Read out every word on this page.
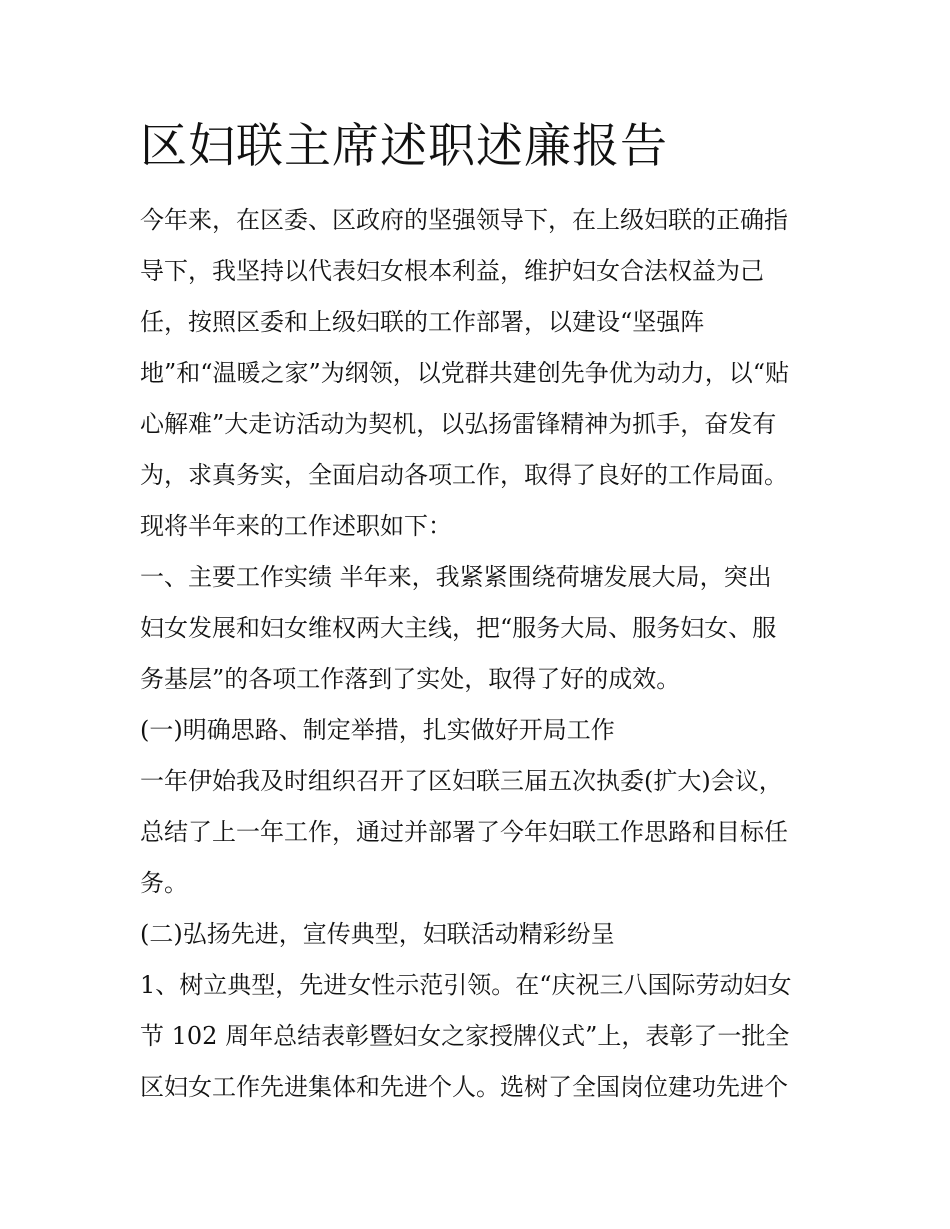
区妇联主席述职述廉报告

今年来，在区委、区政府的坚强领导下，在上级妇联的正确指

导下，我坚持以代表妇女根本利益，维护妇女合法权益为己

任，按照区委和上级妇联的工作部署，以建设“坚强阵

地”和“温暖之家”为纲领，以党群共建创先争优为动力，以“贴

心解难”大走访活动为契机，以弘扬雷锋精神为抓手，奋发有

为，求真务实，全面启动各项工作，取得了良好的工作局面。

现将半年来的工作述职如下：

一、主要工作实绩 半年来，我紧紧围绕荷塘发展大局，突出

妇女发展和妇女维权两大主线，把“服务大局、服务妇女、服

务基层”的各项工作落到了实处，取得了好的成效。

(一)明确思路、制定举措，扎实做好开局工作

一年伊始我及时组织召开了区妇联三届五次执委(扩大)会议，

总结了上一年工作，通过并部署了今年妇联工作思路和目标任

务。

(二)弘扬先进，宣传典型，妇联活动精彩纷呈

1、树立典型，先进女性示范引领。在“庆祝三八国际劳动妇女

节 102 周年总结表彰暨妇女之家授牌仪式”上，表彰了一批全

区妇女工作先进集体和先进个人。选树了全国岗位建功先进个
